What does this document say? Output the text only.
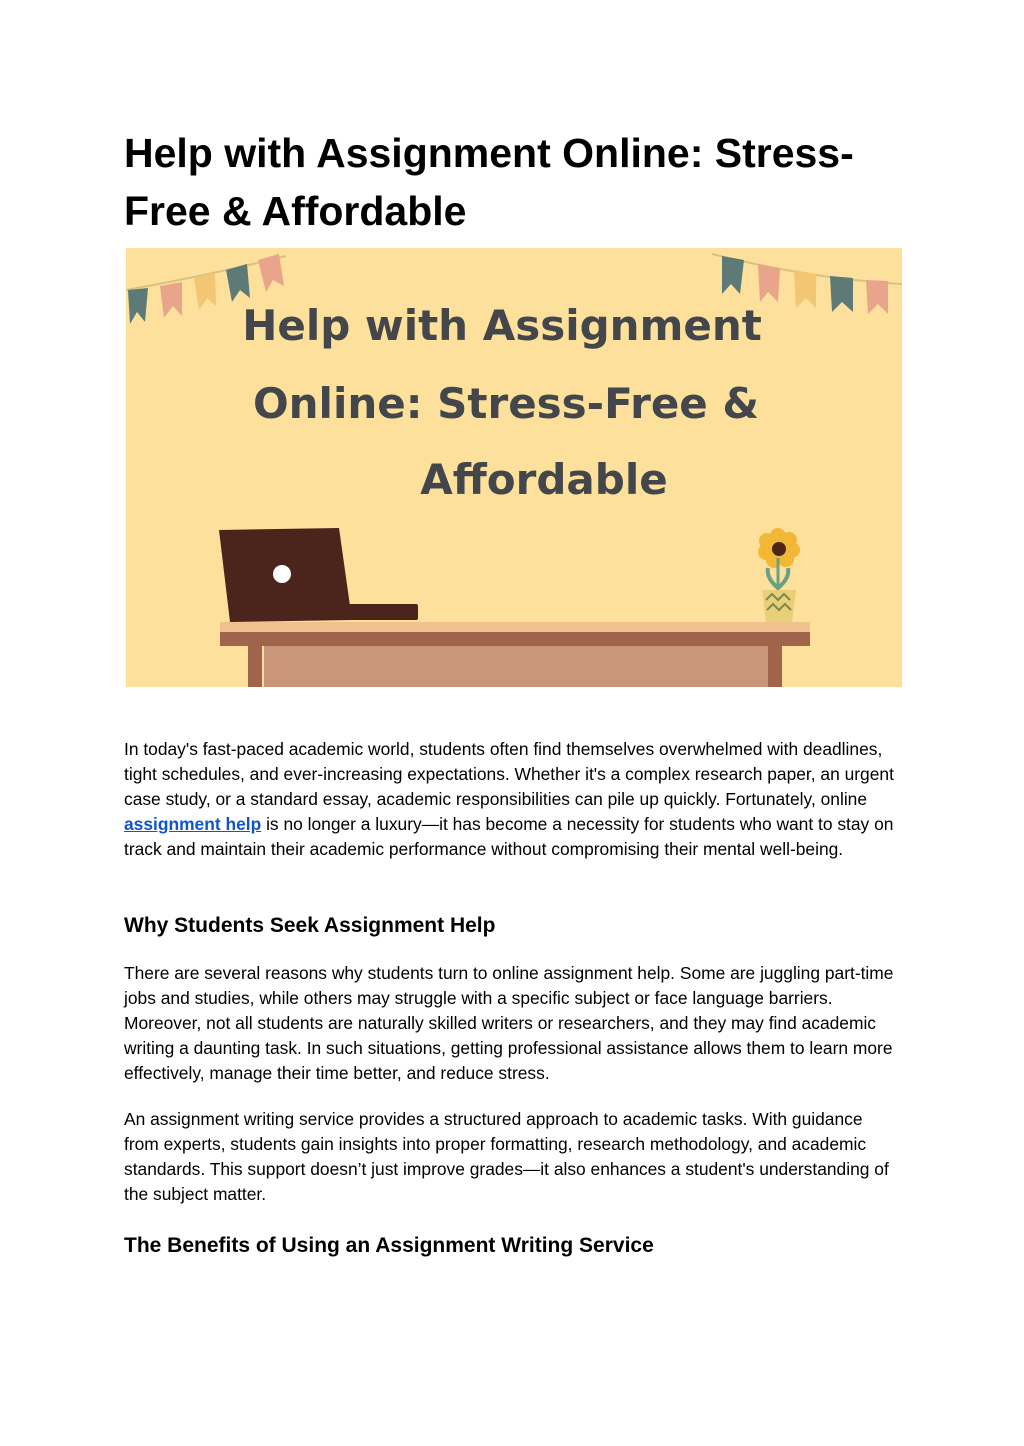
Help with Assignment Online: Stress-Free & Affordable
Help with Assignment
Online: Stress-Free &
Affordable

In today's fast-paced academic world, students often find themselves overwhelmed with deadlines, tight schedules, and ever-increasing expectations. Whether it's a complex research paper, an urgent case study, or a standard essay, academic responsibilities can pile up quickly. Fortunately, online assignment help is no longer a luxury—it has become a necessity for students who want to stay on track and maintain their academic performance without compromising their mental well-being.

Why Students Seek Assignment Help

There are several reasons why students turn to online assignment help. Some are juggling part-time jobs and studies, while others may struggle with a specific subject or face language barriers. Moreover, not all students are naturally skilled writers or researchers, and they may find academic writing a daunting task. In such situations, getting professional assistance allows them to learn more effectively, manage their time better, and reduce stress.

An assignment writing service provides a structured approach to academic tasks. With guidance from experts, students gain insights into proper formatting, research methodology, and academic standards. This support doesn’t just improve grades—it also enhances a student's understanding of the subject matter.

The Benefits of Using an Assignment Writing Service
